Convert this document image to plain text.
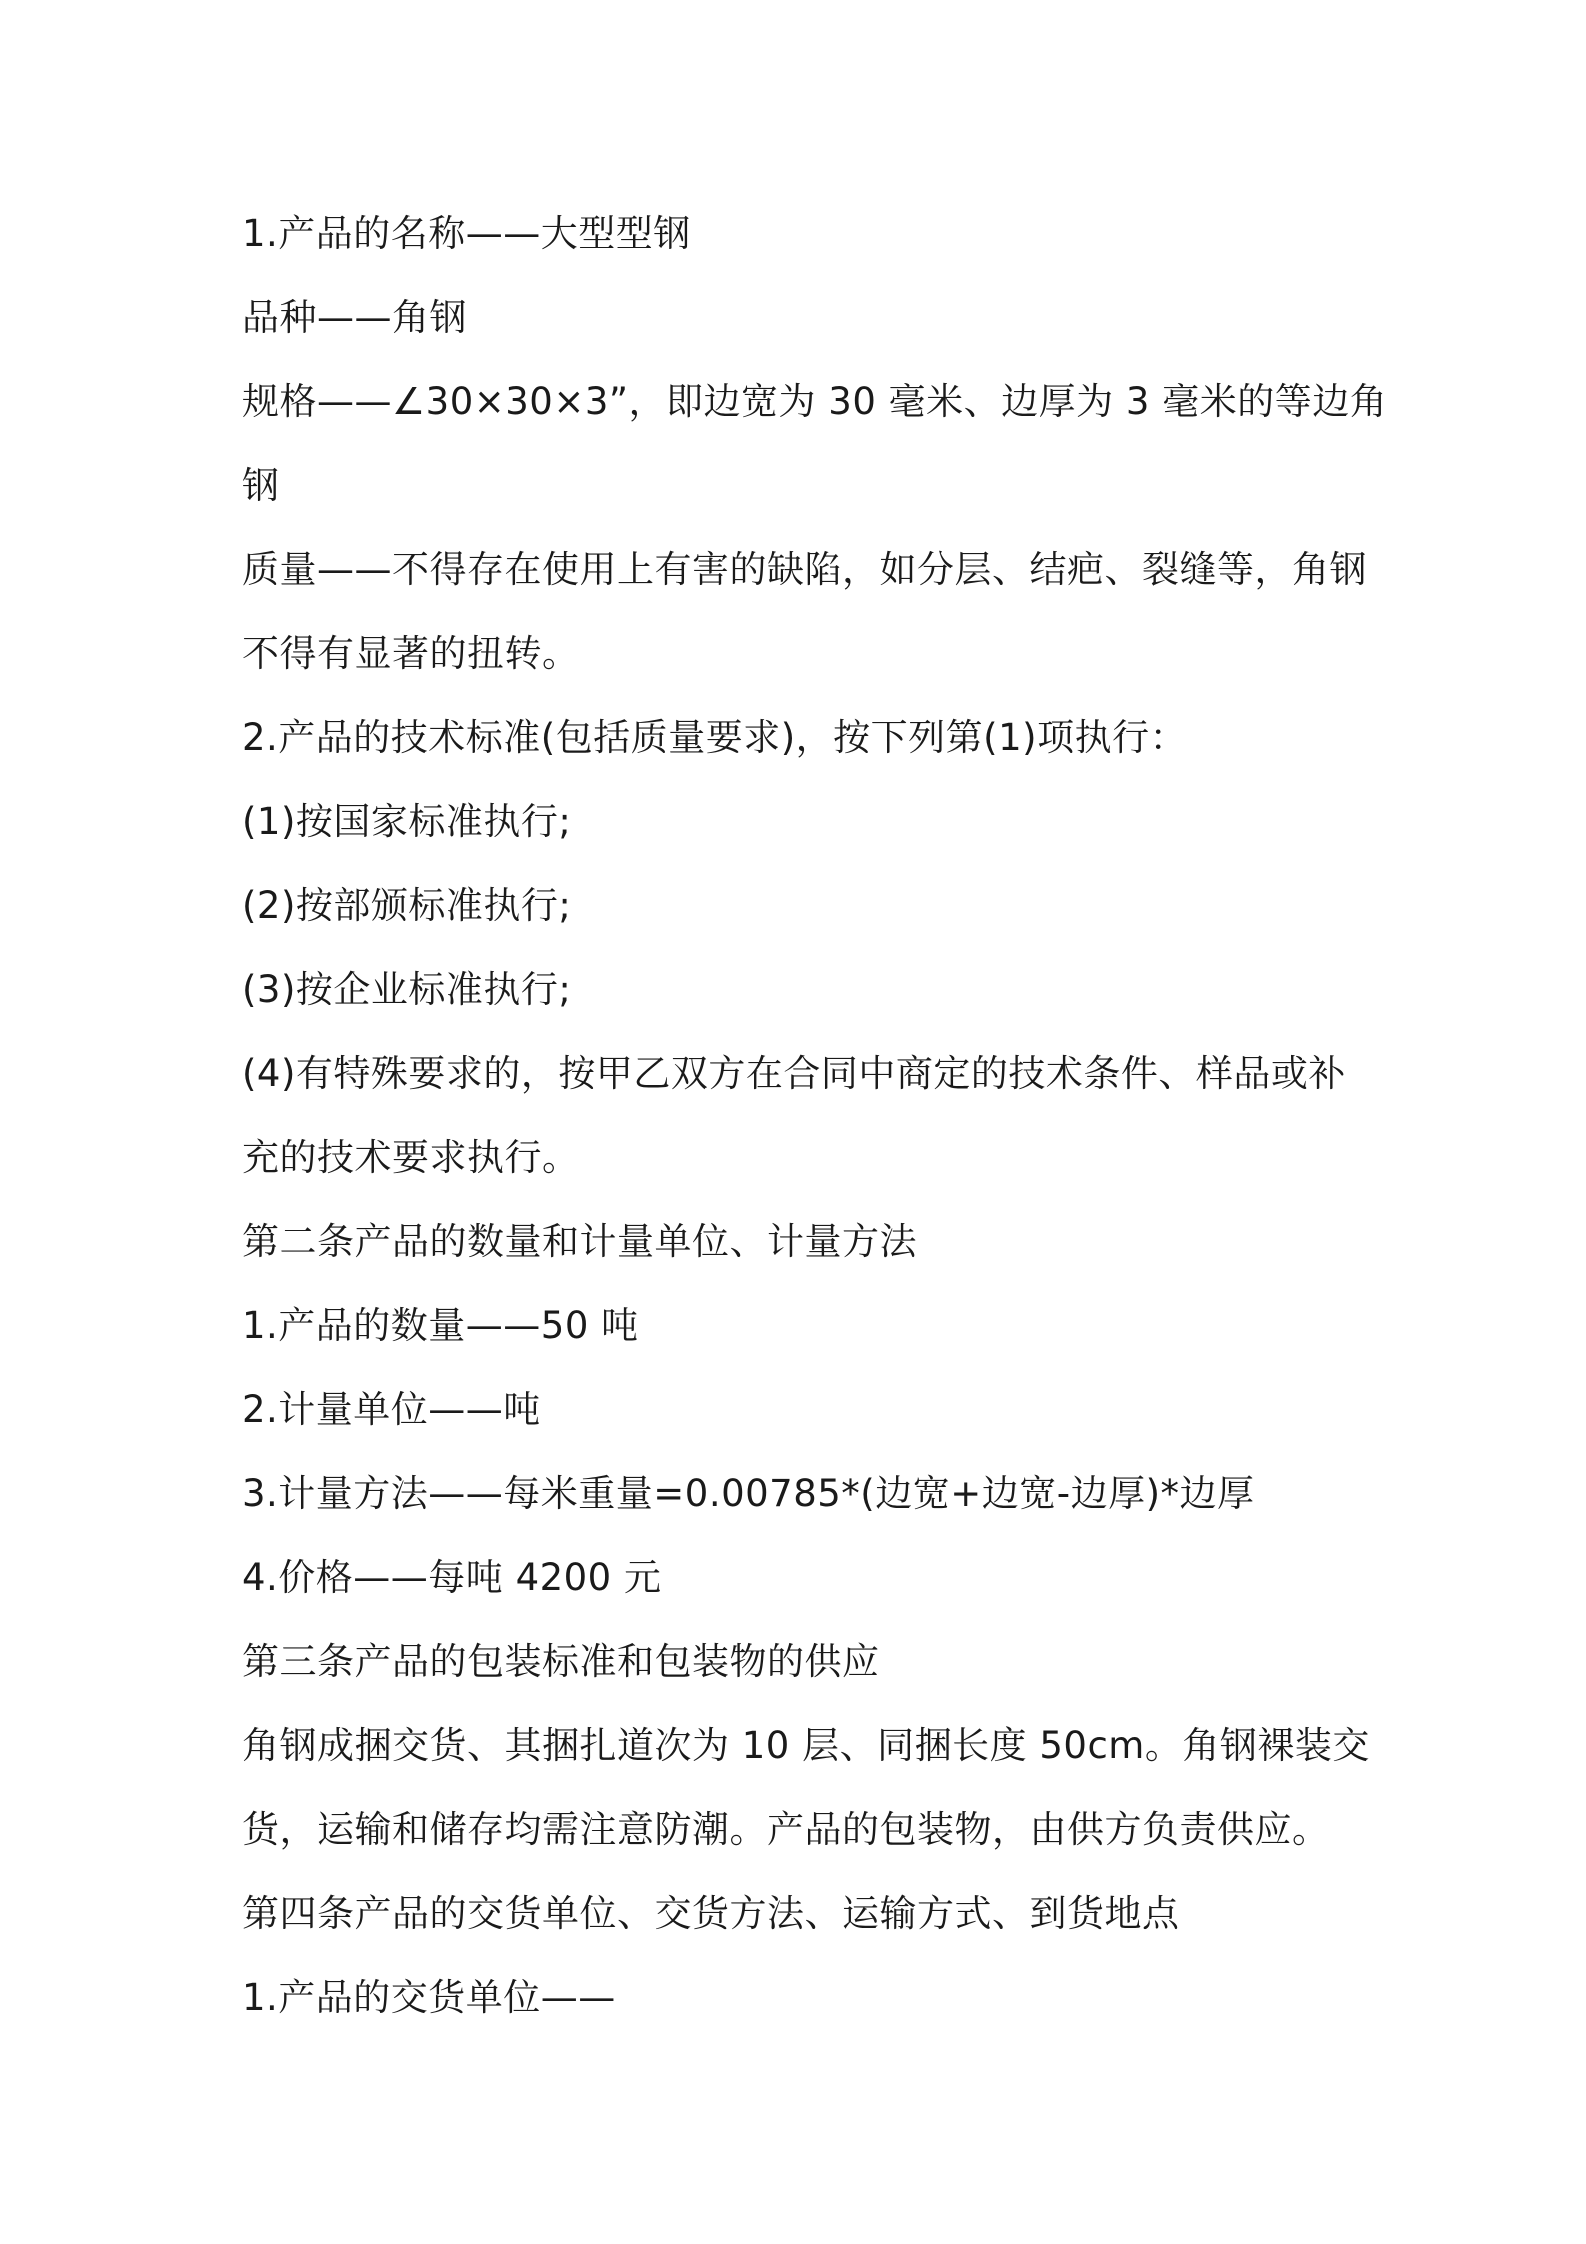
1.产品的名称——大型型钢
品种——角钢
规格——∠30×30×3”，即边宽为 30 毫米、边厚为 3 毫米的等边角
钢
质量——不得存在使用上有害的缺陷，如分层、结疤、裂缝等，角钢
不得有显著的扭转。
2.产品的技术标准(包括质量要求)，按下列第(1)项执行：
(1)按国家标准执行;
(2)按部颁标准执行;
(3)按企业标准执行;
(4)有特殊要求的，按甲乙双方在合同中商定的技术条件、样品或补
充的技术要求执行。
第二条产品的数量和计量单位、计量方法
1.产品的数量——50 吨
2.计量单位——吨
3.计量方法——每米重量=0.00785*(边宽+边宽-边厚)*边厚
4.价格——每吨 4200 元
第三条产品的包装标准和包装物的供应
角钢成捆交货、其捆扎道次为 10 层、同捆长度 50cm。角钢裸装交
货，运输和储存均需注意防潮。产品的包装物，由供方负责供应。
第四条产品的交货单位、交货方法、运输方式、到货地点
1.产品的交货单位——
